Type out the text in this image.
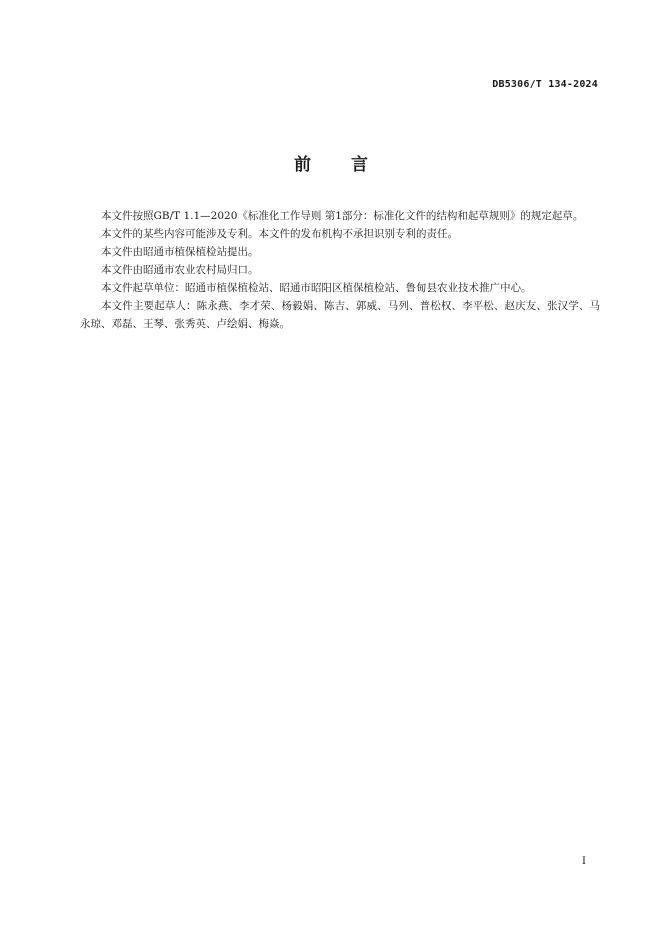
DB5306/T 134-2024
前言

本文件按照GB/T 1.1—2020《标准化工作导则 第1部分：标准化文件的结构和起草规则》的规定起草。

本文件的某些内容可能涉及专利。本文件的发布机构不承担识别专利的责任。

本文件由昭通市植保植检站提出。

本文件由昭通市农业农村局归口。

本文件起草单位：昭通市植保植检站、昭通市昭阳区植保植检站、鲁甸县农业技术推广中心。

本文件主要起草人：陈永燕、李才荣、杨毅娟、陈吉、郭威、马列、普松权、李平松、赵庆友、张汉学、马永琼、邓磊、王琴、张秀英、卢绘娟、梅焱。

I
